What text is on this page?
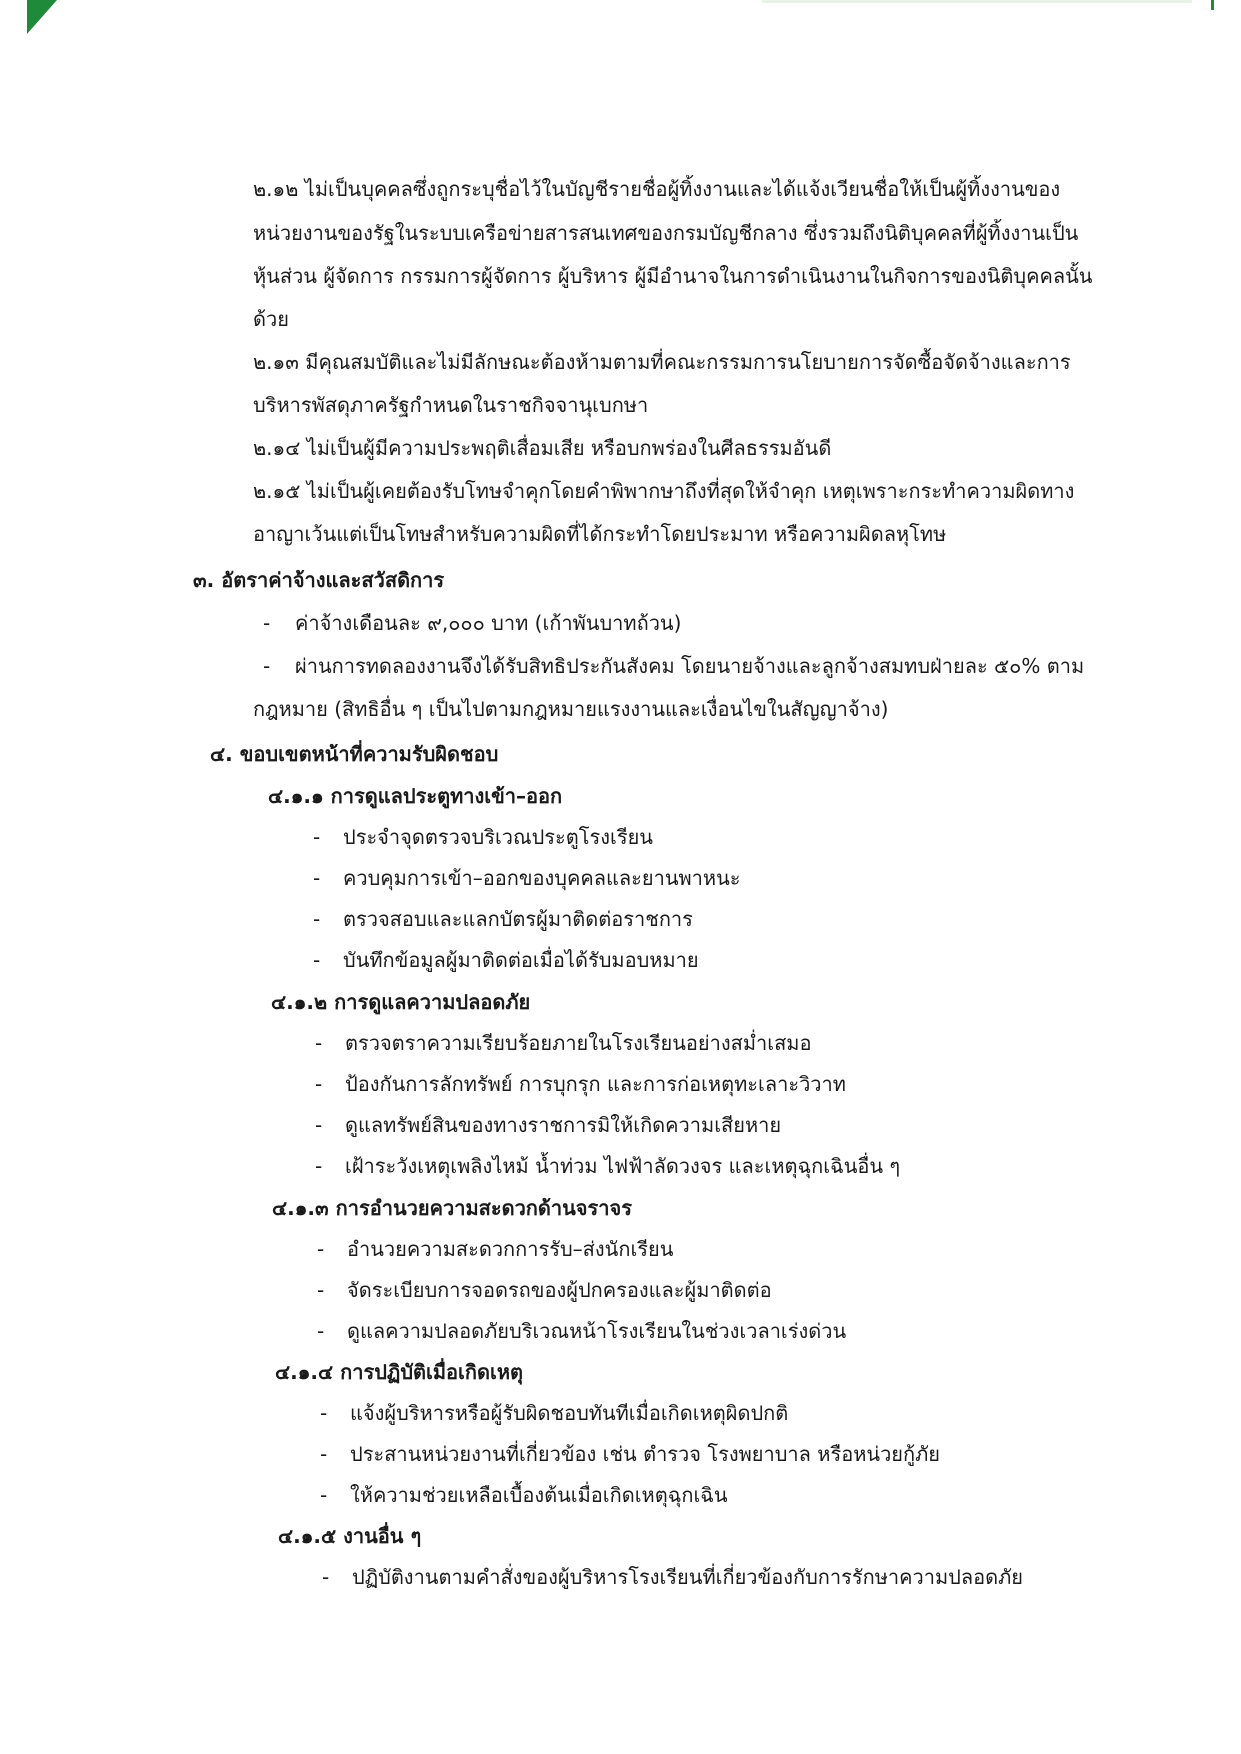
๒.๑๒ ไม่เป็นบุคคลซึ่งถูกระบุชื่อไว้ในบัญชีรายชื่อผู้ทิ้งงานและได้แจ้งเวียนชื่อให้เป็นผู้ทิ้งงานของ
หน่วยงานของรัฐในระบบเครือข่ายสารสนเทศของกรมบัญชีกลาง ซึ่งรวมถึงนิติบุคคลที่ผู้ทิ้งงานเป็น
หุ้นส่วน ผู้จัดการ กรรมการผู้จัดการ ผู้บริหาร ผู้มีอำนาจในการดำเนินงานในกิจการของนิติบุคคลนั้น
ด้วย
๒.๑๓ มีคุณสมบัติและไม่มีลักษณะต้องห้ามตามที่คณะกรรมการนโยบายการจัดซื้อจัดจ้างและการ
บริหารพัสดุภาครัฐกำหนดในราชกิจจานุเบกษา
๒.๑๔ ไม่เป็นผู้มีความประพฤติเสื่อมเสีย หรือบกพร่องในศีลธรรมอันดี
๒.๑๕ ไม่เป็นผู้เคยต้องรับโทษจำคุกโดยคำพิพากษาถึงที่สุดให้จำคุก เหตุเพราะกระทำความผิดทาง
อาญาเว้นแต่เป็นโทษสำหรับความผิดที่ได้กระทำโดยประมาท หรือความผิดลหุโทษ
๓. อัตราค่าจ้างและสวัสดิการ
- ค่าจ้างเดือนละ ๙,๐๐๐ บาท (เก้าพันบาทถ้วน)
- ผ่านการทดลองงานจึงได้รับสิทธิประกันสังคม โดยนายจ้างและลูกจ้างสมทบฝ่ายละ ๕๐% ตาม
กฎหมาย (สิทธิอื่น ๆ เป็นไปตามกฎหมายแรงงานและเงื่อนไขในสัญญาจ้าง)
๔. ขอบเขตหน้าที่ความรับผิดชอบ
๔.๑.๑ การดูแลประตูทางเข้า–ออก
- ประจำจุดตรวจบริเวณประตูโรงเรียน
- ควบคุมการเข้า–ออกของบุคคลและยานพาหนะ
- ตรวจสอบและแลกบัตรผู้มาติดต่อราชการ
- บันทึกข้อมูลผู้มาติดต่อเมื่อได้รับมอบหมาย
๔.๑.๒ การดูแลความปลอดภัย
- ตรวจตราความเรียบร้อยภายในโรงเรียนอย่างสม่ำเสมอ
- ป้องกันการลักทรัพย์ การบุกรุก และการก่อเหตุทะเลาะวิวาท
- ดูแลทรัพย์สินของทางราชการมิให้เกิดความเสียหาย
- เฝ้าระวังเหตุเพลิงไหม้ น้ำท่วม ไฟฟ้าลัดวงจร และเหตุฉุกเฉินอื่น ๆ
๔.๑.๓ การอำนวยความสะดวกด้านจราจร
- อำนวยความสะดวกการรับ–ส่งนักเรียน
- จัดระเบียบการจอดรถของผู้ปกครองและผู้มาติดต่อ
- ดูแลความปลอดภัยบริเวณหน้าโรงเรียนในช่วงเวลาเร่งด่วน
๔.๑.๔ การปฏิบัติเมื่อเกิดเหตุ
- แจ้งผู้บริหารหรือผู้รับผิดชอบทันทีเมื่อเกิดเหตุผิดปกติ
- ประสานหน่วยงานที่เกี่ยวข้อง เช่น ตำรวจ โรงพยาบาล หรือหน่วยกู้ภัย
- ให้ความช่วยเหลือเบื้องต้นเมื่อเกิดเหตุฉุกเฉิน
๔.๑.๕ งานอื่น ๆ
- ปฏิบัติงานตามคำสั่งของผู้บริหารโรงเรียนที่เกี่ยวข้องกับการรักษาความปลอดภัย
